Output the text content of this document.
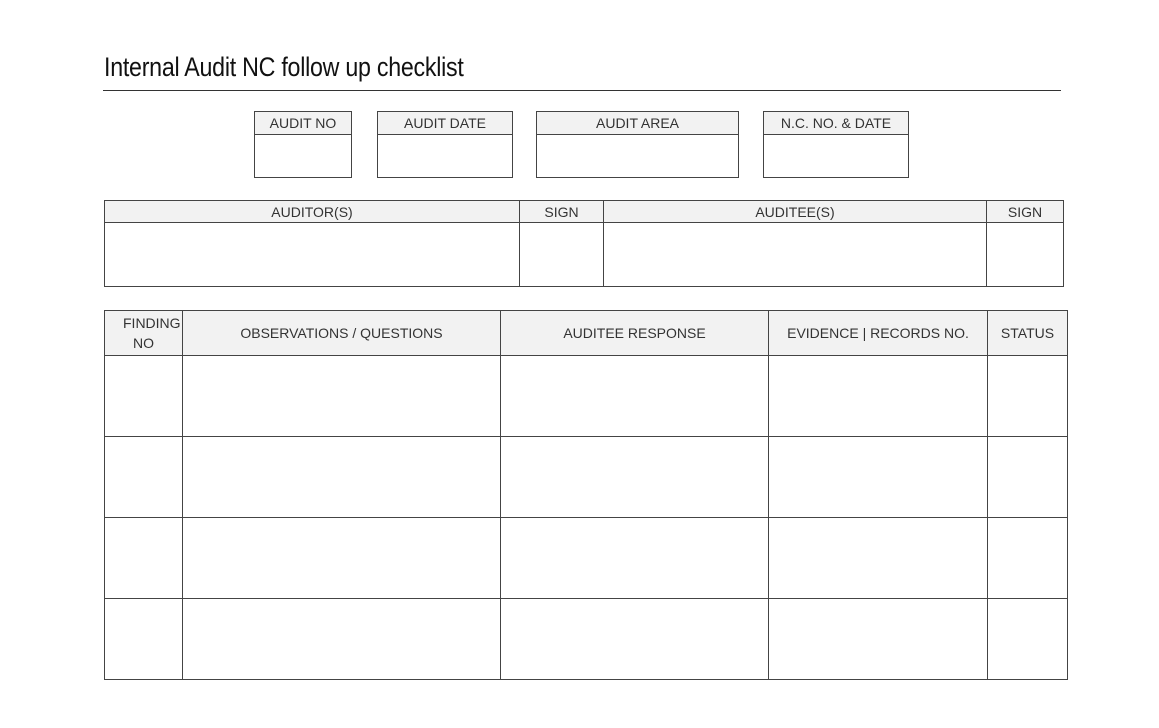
Internal Audit NC follow up checklist
AUDIT NO	AUDIT DATE	AUDIT AREA	N.C. NO. & DATE
AUDITOR(S)	SIGN	AUDITEE(S)	SIGN

FINDING NO	OBSERVATIONS / QUESTIONS	AUDITEE RESPONSE	EVIDENCE | RECORDS NO.	STATUS
